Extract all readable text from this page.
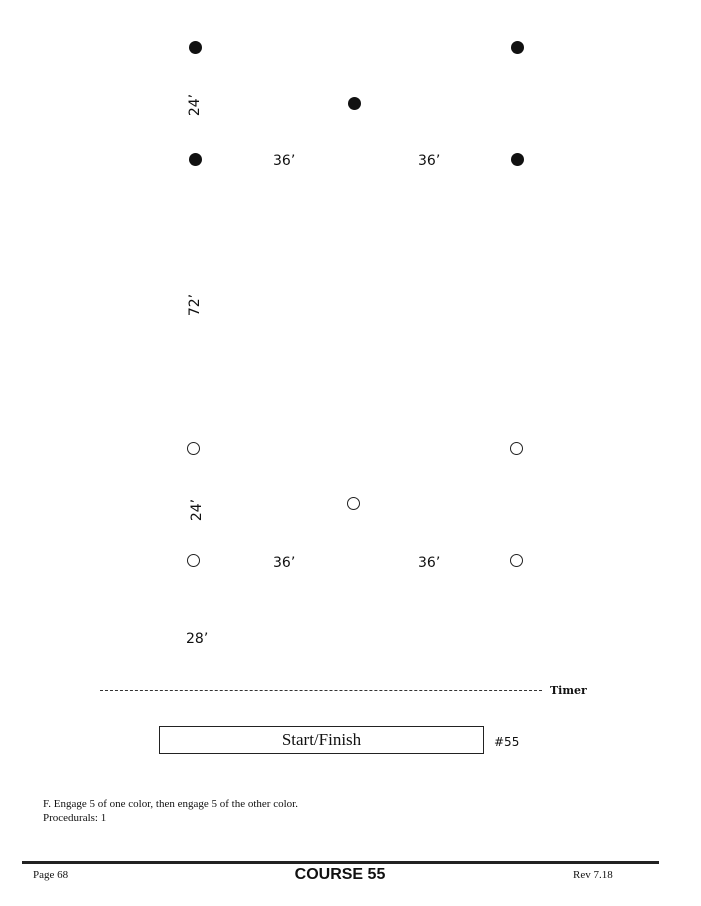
24’
36’	36’
72’
24’
36’	36’
28’
Timer
Start/Finish	#55
F. Engage 5 of one color, then engage 5 of the other color.
Procedurals: 1
Page 68	COURSE 55	Rev 7.18
